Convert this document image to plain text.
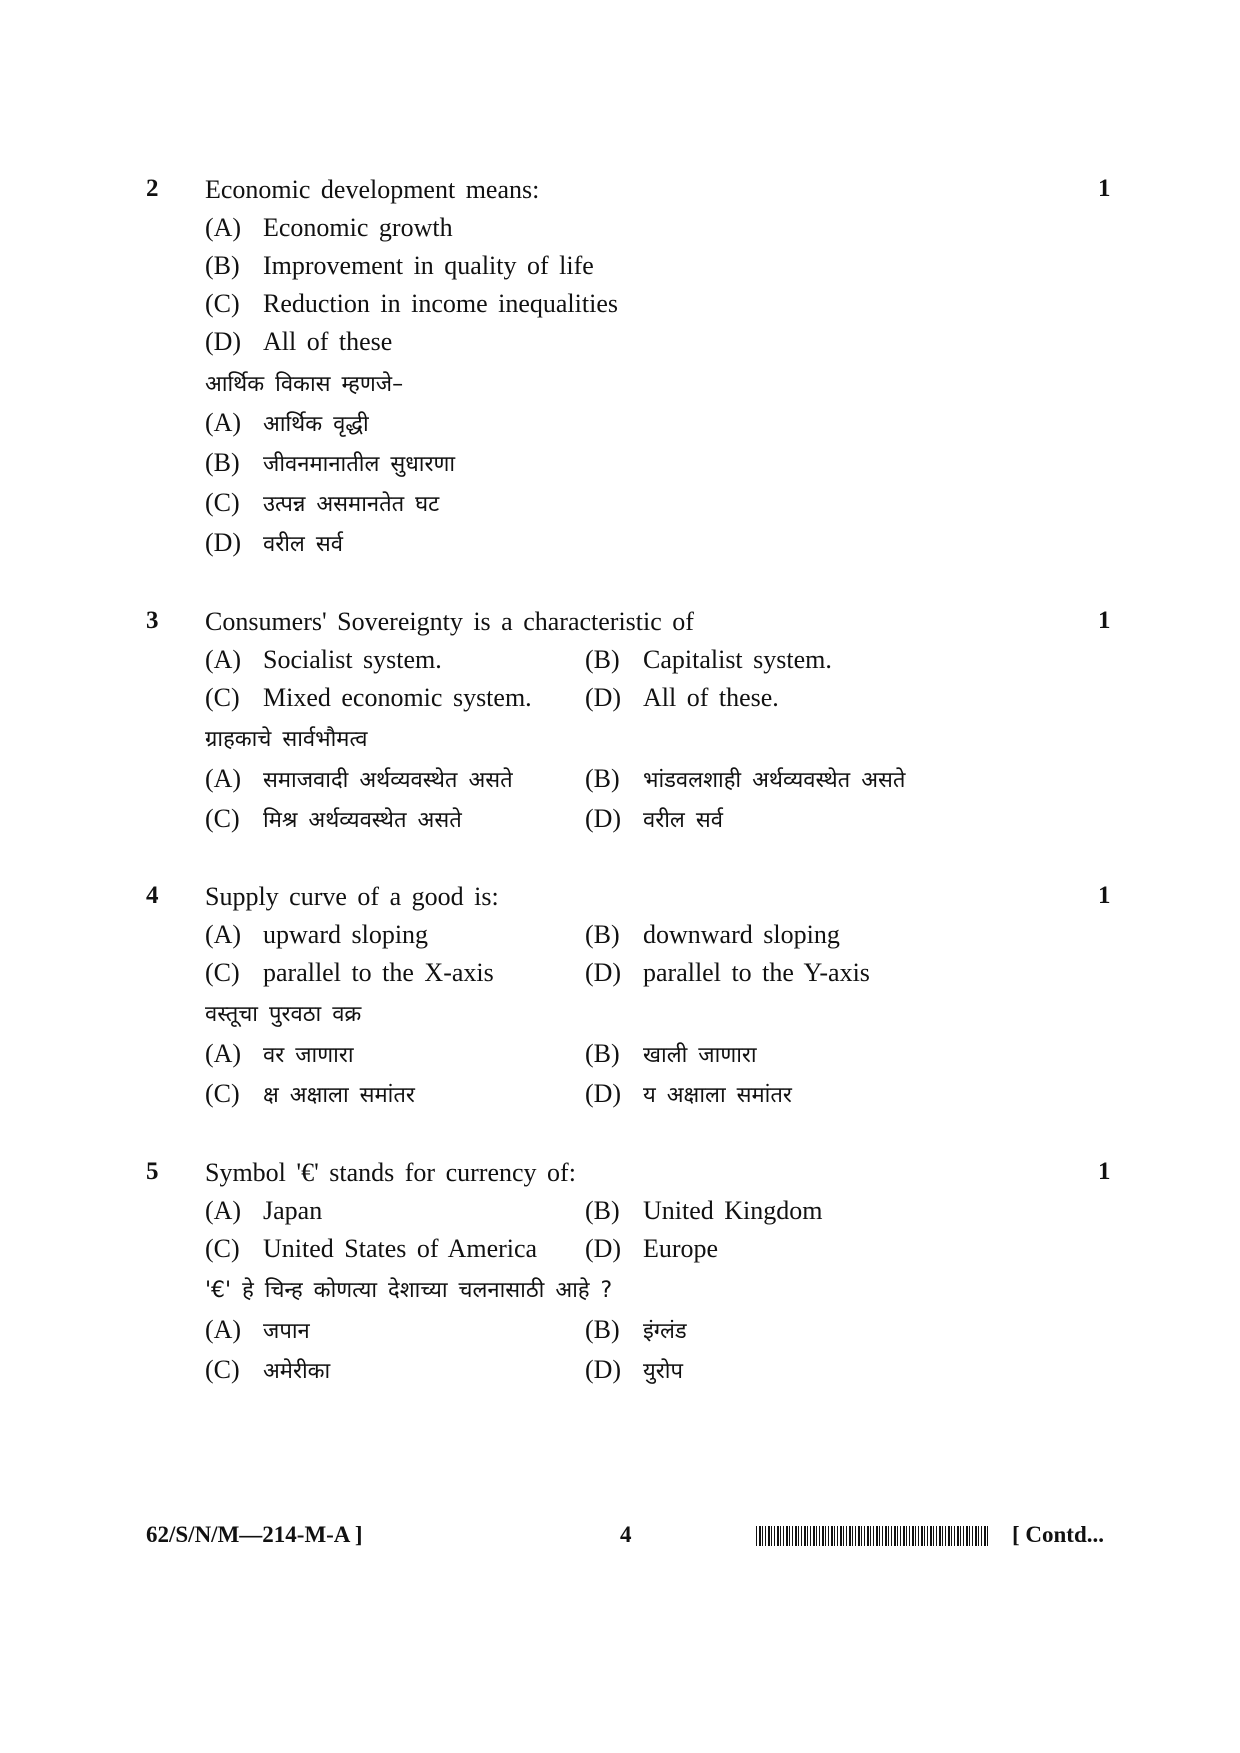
2 Economic development means:	1
(A) Economic growth
(B) Improvement in quality of life
(C) Reduction in income inequalities
(D) All of these
आर्थिक विकास म्हणजे–
(A) आर्थिक वृद्धी
(B) जीवनमानातील सुधारणा
(C) उत्पन्न असमानतेत घट
(D) वरील सर्व
3 Consumers' Sovereignty is a characteristic of	1
(A) Socialist system.	(B) Capitalist system.
(C) Mixed economic system. (D) All of these.
ग्राहकाचे सार्वभौमत्व
(A) समाजवादी अर्थव्यवस्थेत असते	(B) भांडवलशाही अर्थव्यवस्थेत असते
(C) मिश्र अर्थव्यवस्थेत असते	(D) वरील सर्व
4 Supply curve of a good is:	1
(A) upward sloping	(B) downward sloping
(C) parallel to the X-axis	(D) parallel to the Y-axis
वस्तूचा पुरवठा वक्र
(A) वर जाणारा	(B) खाली जाणारा
(C) क्ष अक्षाला समांतर	(D) य अक्षाला समांतर
5 Symbol '€' stands for currency of:	1
(A) Japan	(B) United Kingdom
(C) United States of America (D) Europe
'€' हे चिन्ह कोणत्या देशाच्या चलनासाठी आहे ?
(A) जपान	(B) इंग्लंड
(C) अमेरीका	(D) युरोप
62/S/N/M—214-M-A ]	4	[ Contd...
